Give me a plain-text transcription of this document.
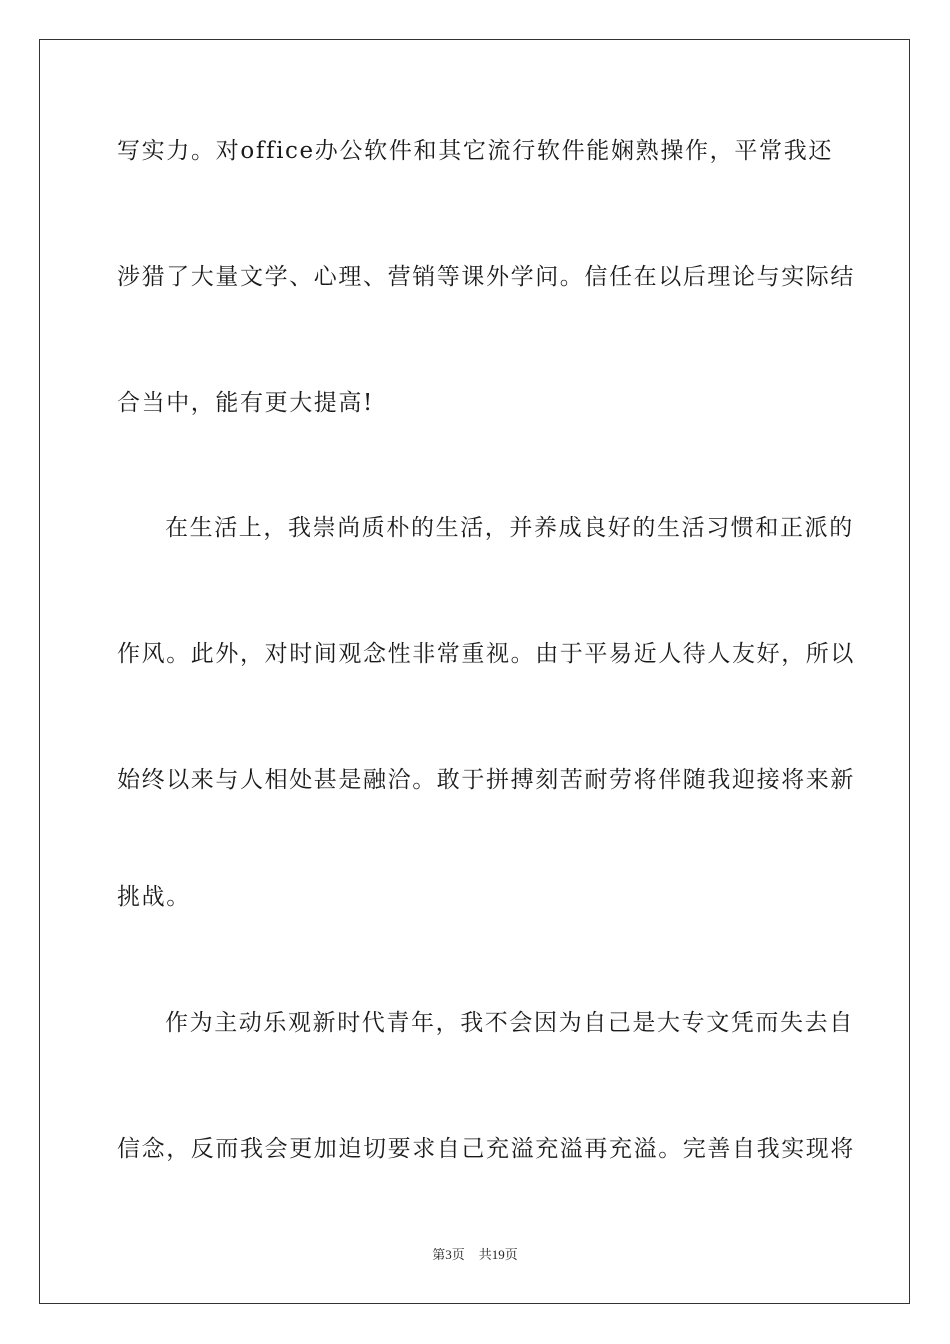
写实力。对office办公软件和其它流行软件能娴熟操作，平常我还
涉猎了大量文学、心理、营销等课外学问。信任在以后理论与实际结
合当中，能有更大提高!
在生活上，我崇尚质朴的生活，并养成良好的生活习惯和正派的
作风。此外，对时间观念性非常重视。由于平易近人待人友好，所以
始终以来与人相处甚是融洽。敢于拼搏刻苦耐劳将伴随我迎接将来新
挑战。
作为主动乐观新时代青年，我不会因为自己是大专文凭而失去自
信念，反而我会更加迫切要求自己充溢充溢再充溢。完善自我实现将
第3页 共19页
